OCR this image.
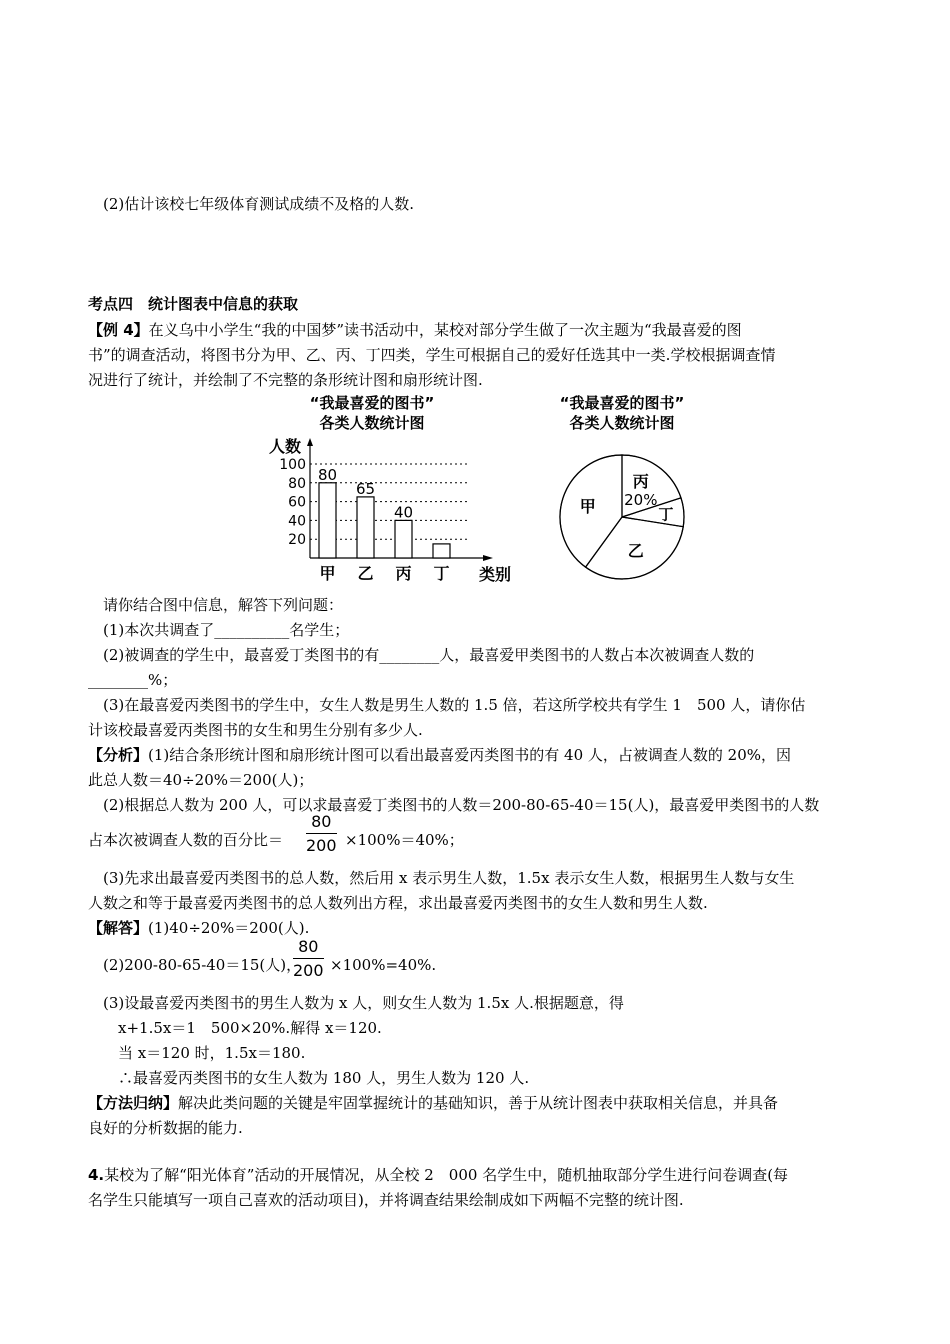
(2)估计该校七年级体育测试成绩不及格的人数.
考点四　统计图表中信息的获取
【例 4】在义乌中小学生“我的中国梦”读书活动中，某校对部分学生做了一次主题为“我最喜爱的图
书”的调查活动，将图书分为甲、乙、丙、丁四类，学生可根据自己的爱好任选其中一类.学校根据调查情
况进行了统计，并绘制了不完整的条形统计图和扇形统计图.
“我最喜爱的图书”
各类人数统计图
20
40
60
80
100
人数
类别
甲
80
乙
65
丙
40
丁
“我最喜爱的图书”
各类人数统计图
丙
20%
丁
乙
甲
请你结合图中信息，解答下列问题：
(1)本次共调查了__________名学生；
(2)被调查的学生中，最喜爱丁类图书的有________人，最喜爱甲类图书的人数占本次被调查人数的
________%；
(3)在最喜爱丙类图书的学生中，女生人数是男生人数的 1.5 倍，若这所学校共有学生 1　500 人，请你估
计该校最喜爱丙类图书的女生和男生分别有多少人.
【分析】(1)结合条形统计图和扇形统计图可以看出最喜爱丙类图书的有 40 人，占被调查人数的 20%，因
此总人数＝40÷20%＝200(人)；
(2)根据总人数为 200 人，可以求最喜爱丁类图书的人数＝200-80-65-40＝15(人)，最喜爱甲类图书的人数
占本次被调查人数的百分比＝ $\frac{80}{200} \times 100\%=40\%$；
(3)先求出最喜爱丙类图书的总人数，然后用 x 表示男生人数，1.5x 表示女生人数，根据男生人数与女生
人数之和等于最喜爱丙类图书的总人数列出方程，求出最喜爱丙类图书的女生人数和男生人数.
【解答】(1)40÷20%＝200(人).
(2)200-80-65-40＝15(人)，
$\frac{80}{200} \times 100\%=40\%$.
(3)设最喜爱丙类图书的男生人数为 x 人，则女生人数为 1.5x 人.根据题意，得
x+1.5x＝1　500×20%.解得 x＝120.
当 x＝120 时，1.5x＝180.
∴最喜爱丙类图书的女生人数为 180 人，男生人数为 120 人.
【方法归纳】解决此类问题的关键是牢固掌握统计的基础知识，善于从统计图表中获取相关信息，并具备
良好的分析数据的能力.
4.某校为了解“阳光体育”活动的开展情况，从全校 2　000 名学生中，随机抽取部分学生进行问卷调查(每
名学生只能填写一项自己喜欢的活动项目)，并将调查结果绘制成如下两幅不完整的统计图.
